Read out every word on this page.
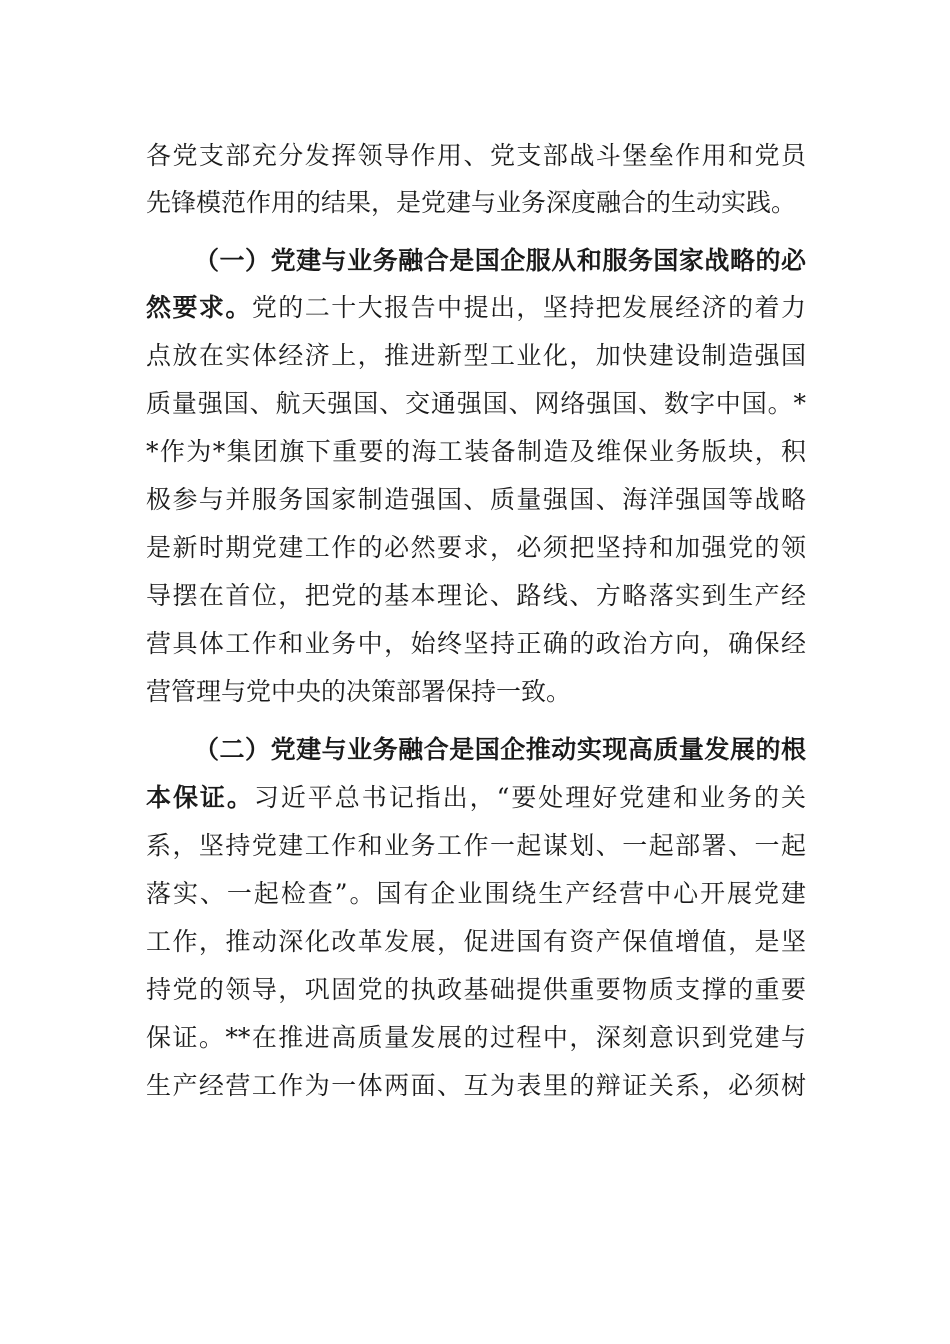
各党支部充分发挥领导作用、党支部战斗堡垒作用和党员
先锋模范作用的结果，是党建与业务深度融合的生动实践。
（一）党建与业务融合是国企服从和服务国家战略的必
然要求。党的二十大报告中提出，坚持把发展经济的着力
点放在实体经济上，推进新型工业化，加快建设制造强国
质量强国、航天强国、交通强国、网络强国、数字中国。*
*作为*集团旗下重要的海工装备制造及维保业务版块，积
极参与并服务国家制造强国、质量强国、海洋强国等战略
是新时期党建工作的必然要求，必须把坚持和加强党的领
导摆在首位，把党的基本理论、路线、方略落实到生产经
营具体工作和业务中，始终坚持正确的政治方向，确保经
营管理与党中央的决策部署保持一致。
（二）党建与业务融合是国企推动实现高质量发展的根
本保证。习近平总书记指出，“要处理好党建和业务的关
系，坚持党建工作和业务工作一起谋划、一起部署、一起
落实、一起检查”。国有企业围绕生产经营中心开展党建
工作，推动深化改革发展，促进国有资产保值增值，是坚
持党的领导，巩固党的执政基础提供重要物质支撑的重要
保证。**在推进高质量发展的过程中，深刻意识到党建与
生产经营工作为一体两面、互为表里的辩证关系，必须树
